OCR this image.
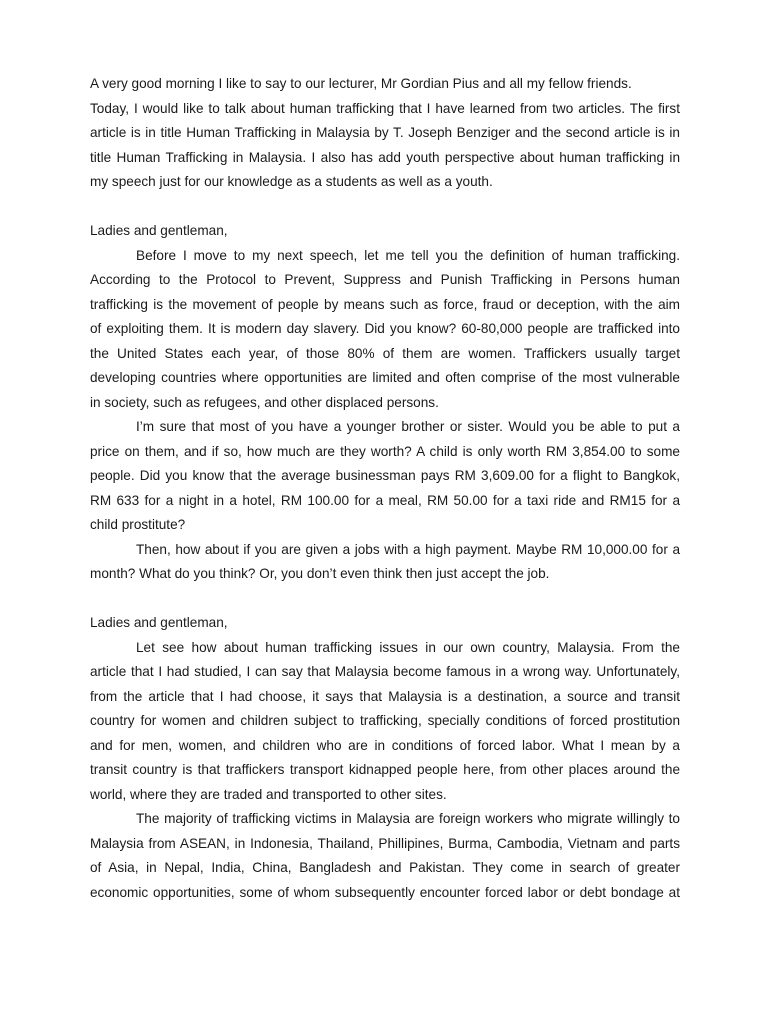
A very good morning I like to say to our lecturer, Mr Gordian Pius and all my fellow friends.
Today, I would like to talk about human trafficking that I have learned from two articles. The first
article is in title Human Trafficking in Malaysia by T. Joseph Benziger and the second article is in
title Human Trafficking in Malaysia. I also has add youth perspective about human trafficking in
my speech just for our knowledge as a students as well as a youth.
Ladies and gentleman,
Before I move to my next speech, let me tell you the definition of human trafficking.
According to the Protocol to Prevent, Suppress and Punish Trafficking in Persons human
trafficking is the movement of people by means such as force, fraud or deception, with the aim
of exploiting them. It is modern day slavery. Did you know? 60-80,000 people are trafficked into
the United States each year, of those 80% of them are women. Traffickers usually target
developing countries where opportunities are limited and often comprise of the most vulnerable
in society, such as refugees, and other displaced persons.
I’m sure that most of you have a younger brother or sister. Would you be able to put a
price on them, and if so, how much are they worth? A child is only worth RM 3,854.00 to some
people. Did you know that the average businessman pays RM 3,609.00 for a flight to Bangkok,
RM 633 for a night in a hotel, RM 100.00 for a meal, RM 50.00 for a taxi ride and RM15 for a
child prostitute?
Then, how about if you are given a jobs with a high payment. Maybe RM 10,000.00 for a
month? What do you think? Or, you don’t even think then just accept the job.
Ladies and gentleman,
Let see how about human trafficking issues in our own country, Malaysia. From the
article that I had studied, I can say that Malaysia become famous in a wrong way. Unfortunately,
from the article that I had choose, it says that Malaysia is a destination, a source and transit
country for women and children subject to trafficking, specially conditions of forced prostitution
and for men, women, and children who are in conditions of forced labor. What I mean by a
transit country is that traffickers transport kidnapped people here, from other places around the
world, where they are traded and transported to other sites.
The majority of trafficking victims in Malaysia are foreign workers who migrate willingly to
Malaysia from ASEAN, in Indonesia, Thailand, Phillipines, Burma, Cambodia, Vietnam and parts
of Asia, in Nepal, India, China, Bangladesh and Pakistan. They come in search of greater
economic opportunities, some of whom subsequently encounter forced labor or debt bondage at
